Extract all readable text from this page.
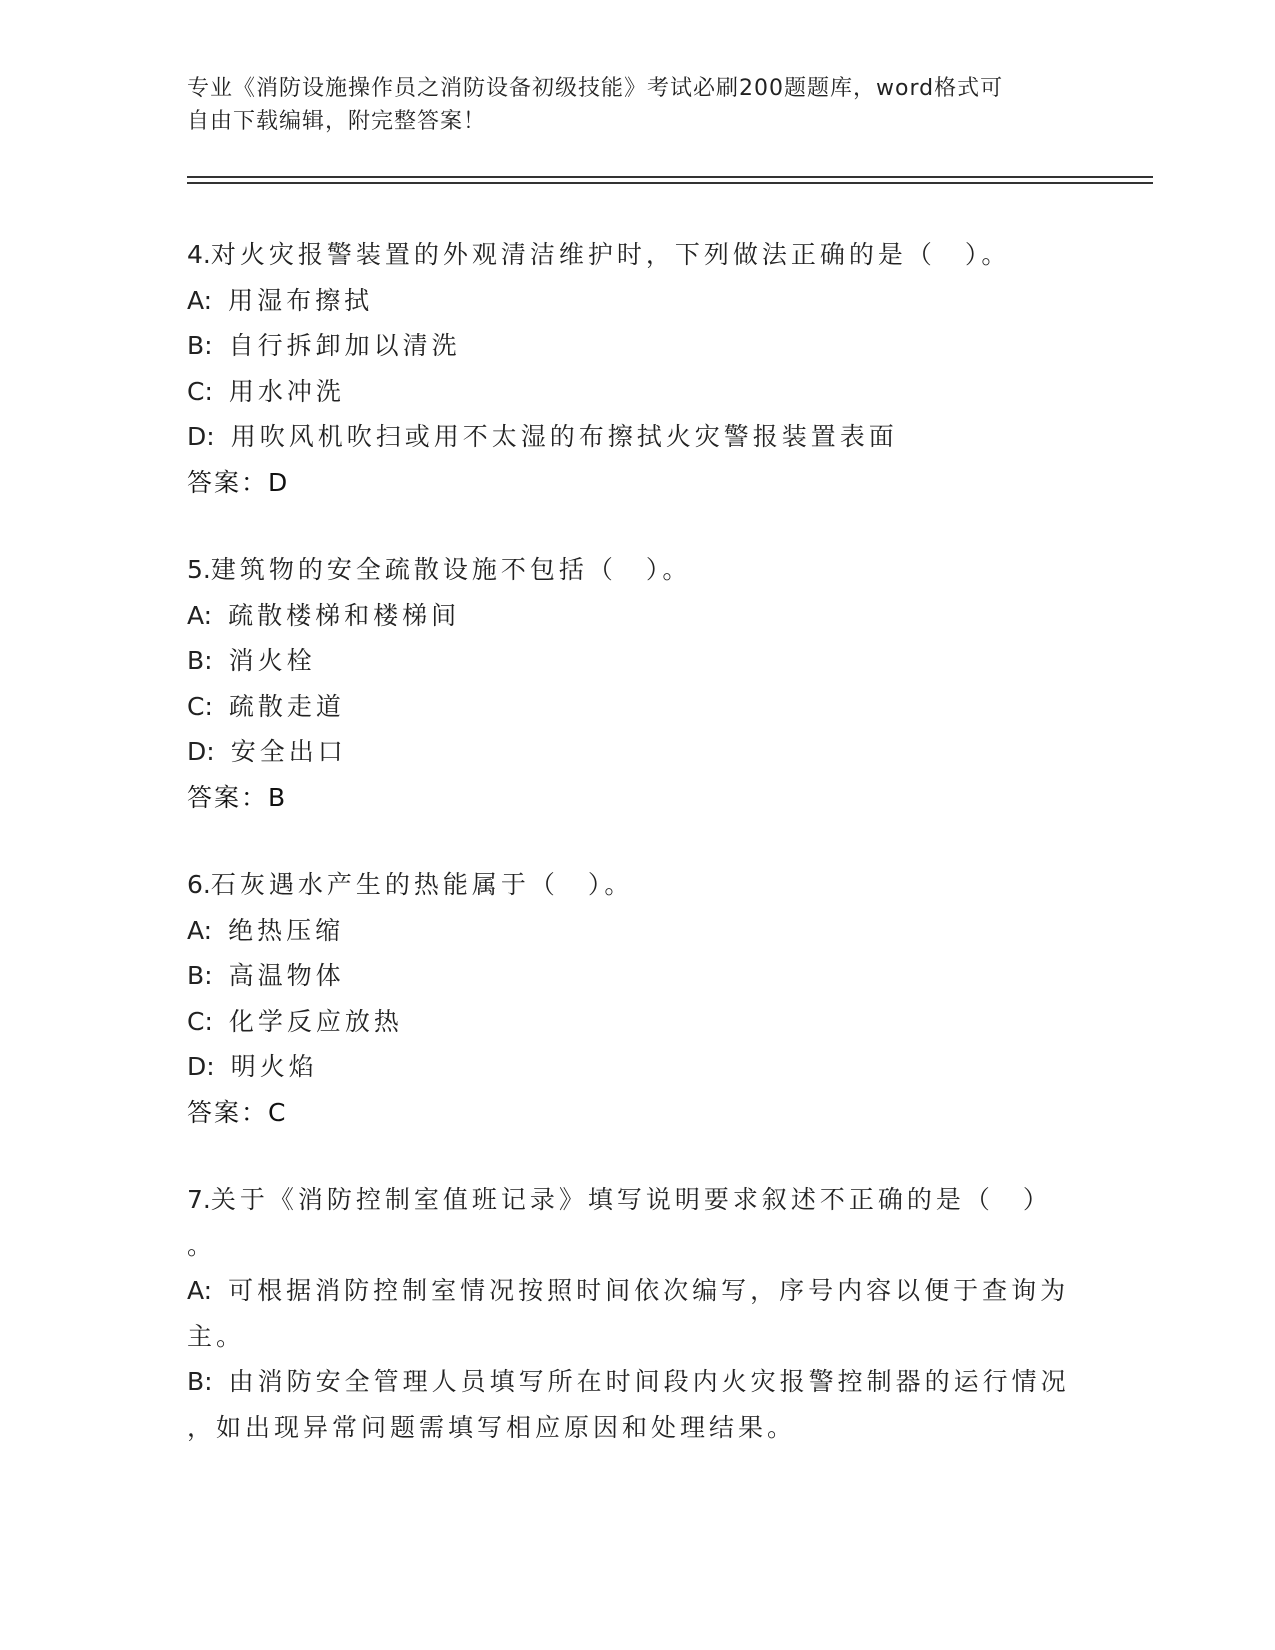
专业《消防设施操作员之消防设备初级技能》考试必刷200题题库，word格式可
自由下载编辑，附完整答案！
4.对火灾报警装置的外观清洁维护时，下列做法正确的是（　）。
A: 用湿布擦拭
B: 自行拆卸加以清洗
C: 用水冲洗
D: 用吹风机吹扫或用不太湿的布擦拭火灾警报装置表面
答案：D
5.建筑物的安全疏散设施不包括（　）。
A: 疏散楼梯和楼梯间
B: 消火栓
C: 疏散走道
D: 安全出口
答案：B
6.石灰遇水产生的热能属于（　）。
A: 绝热压缩
B: 高温物体
C: 化学反应放热
D: 明火焰
答案：C
7.关于《消防控制室值班记录》填写说明要求叙述不正确的是（　）
。
A: 可根据消防控制室情况按照时间依次编写，序号内容以便于查询为
主。
B: 由消防安全管理人员填写所在时间段内火灾报警控制器的运行情况
，如出现异常问题需填写相应原因和处理结果。
